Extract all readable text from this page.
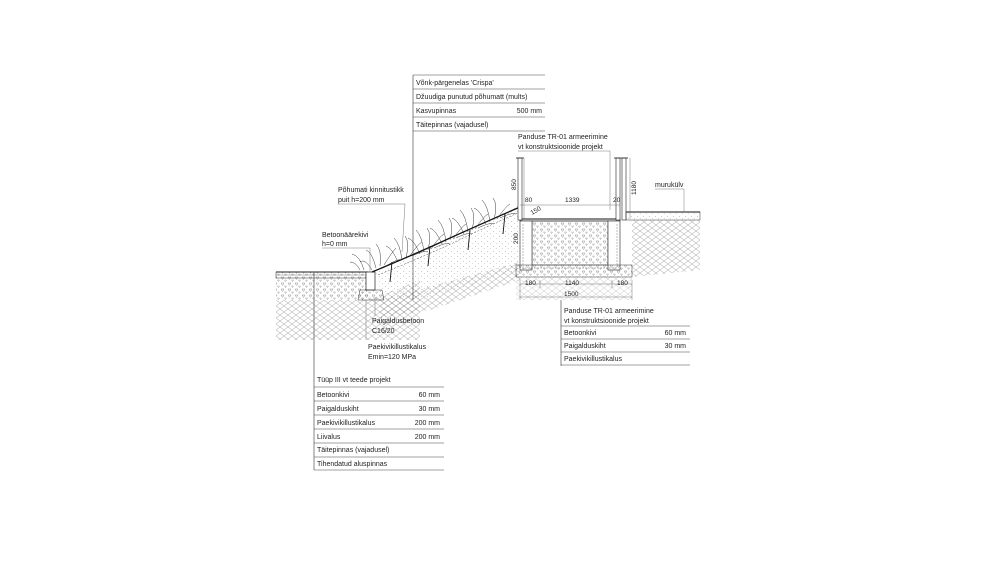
850
80	1339	20
1180
200
150
180	1140	180
1500
Võnk-pärgenelas 'Crispa'
Džuudiga punutud põhumatt (mults)
Kasvupinnas	500 mm
Täitepinnas (vajadusel)
Panduse TR-01 armeerimine
vt konstruktsioonide projekt
Põhumati kinnitustikk
puit h=200 mm
Betoonäärekivi
h=0 mm
murukülv
Paigaldusbetoon
C16/20
Paekivikillustikalus
Emin=120 MPa
Panduse TR-01 armeerimine
vt konstruktsioonide projekt
Betoonkivi	60 mm
Paigalduskiht	30 mm
Paekivikillustikalus
Tüüp III vt teede projekt
Betoonkivi	60 mm
Paigalduskiht	30 mm
Paekivikillustikalus	200 mm
Liivalus	200 mm
Täitepinnas (vajadusel)
Tihendatud aluspinnas
